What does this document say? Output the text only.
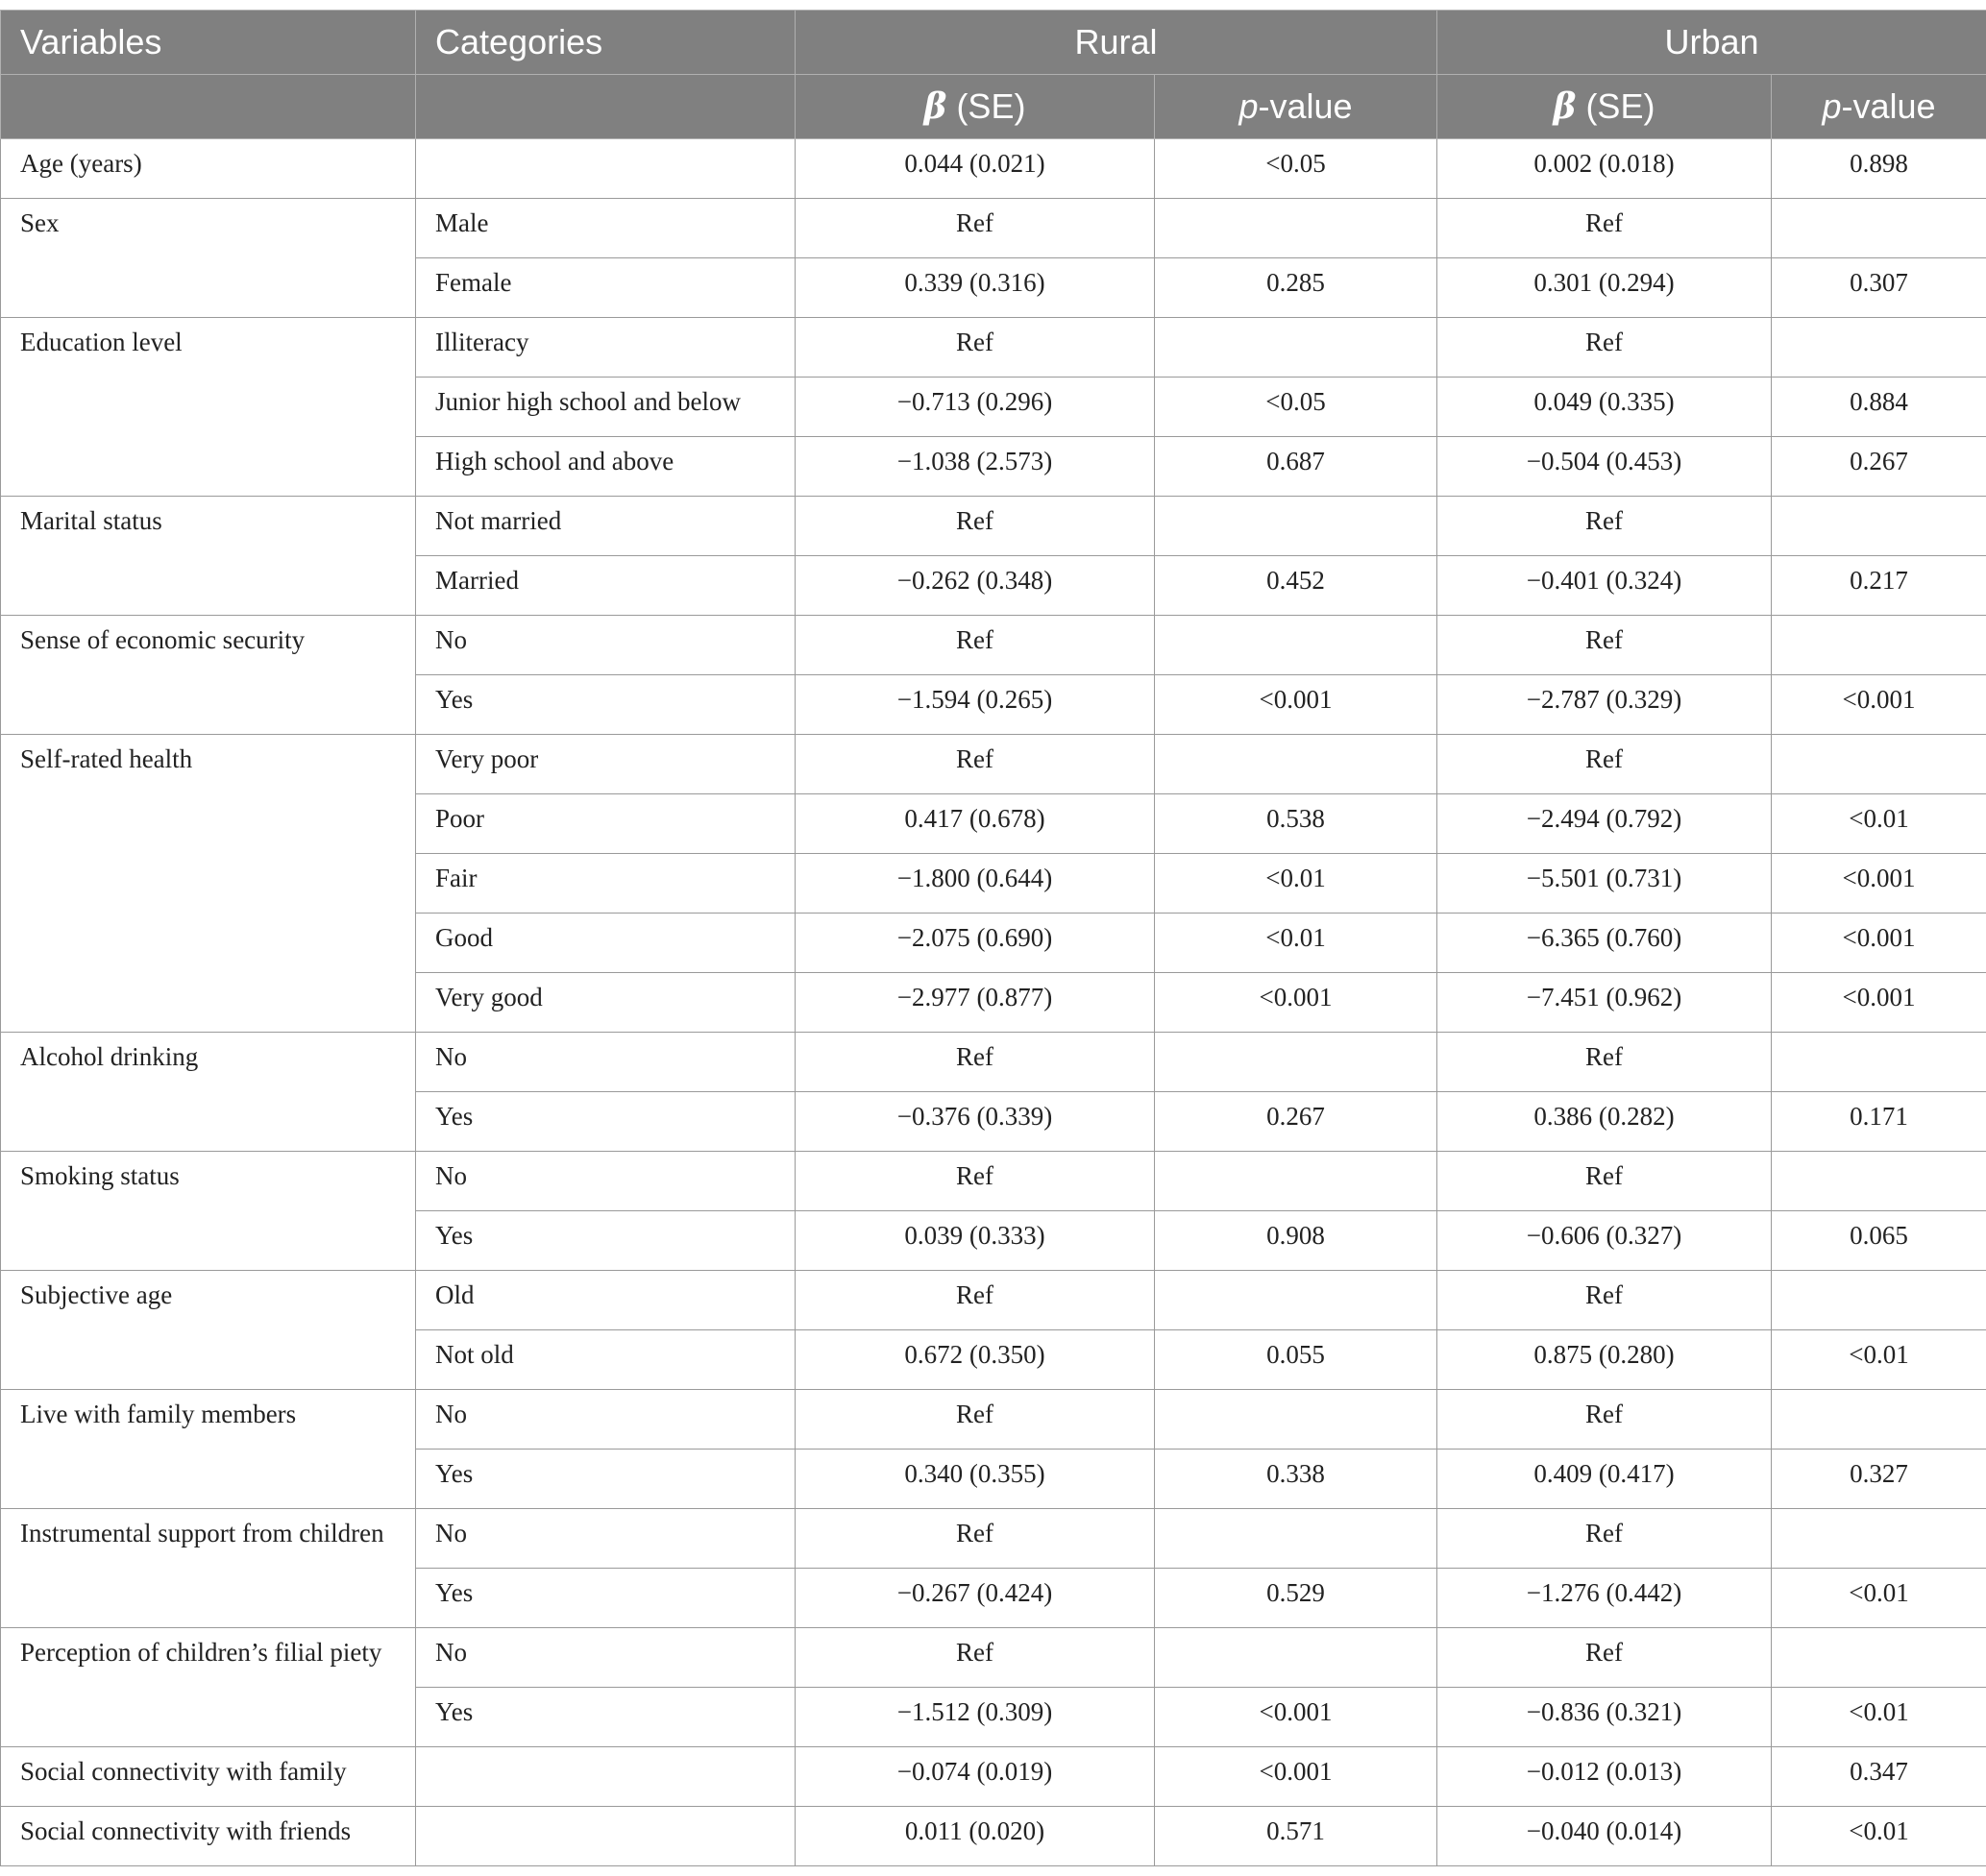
Variables	Categories	Rural		Urban	
		β (SE)	p-value	β (SE)	p-value
Age (years)		0.044 (0.021)	<0.05	0.002 (0.018)	0.898
Sex	Male	Ref		Ref	
	Female	0.339 (0.316)	0.285	0.301 (0.294)	0.307
Education level	Illiteracy	Ref		Ref	
	Junior high school and below	−0.713 (0.296)	<0.05	0.049 (0.335)	0.884
	High school and above	−1.038 (2.573)	0.687	−0.504 (0.453)	0.267
Marital status	Not married	Ref		Ref	
	Married	−0.262 (0.348)	0.452	−0.401 (0.324)	0.217
Sense of economic security	No	Ref		Ref	
	Yes	−1.594 (0.265)	<0.001	−2.787 (0.329)	<0.001
Self-rated health	Very poor	Ref		Ref	
	Poor	0.417 (0.678)	0.538	−2.494 (0.792)	<0.01
	Fair	−1.800 (0.644)	<0.01	−5.501 (0.731)	<0.001
	Good	−2.075 (0.690)	<0.01	−6.365 (0.760)	<0.001
	Very good	−2.977 (0.877)	<0.001	−7.451 (0.962)	<0.001
Alcohol drinking	No	Ref		Ref	
	Yes	−0.376 (0.339)	0.267	0.386 (0.282)	0.171
Smoking status	No	Ref		Ref	
	Yes	0.039 (0.333)	0.908	−0.606 (0.327)	0.065
Subjective age	Old	Ref		Ref	
	Not old	0.672 (0.350)	0.055	0.875 (0.280)	<0.01
Live with family members	No	Ref		Ref	
	Yes	0.340 (0.355)	0.338	0.409 (0.417)	0.327
Instrumental support from children	No	Ref		Ref	
	Yes	−0.267 (0.424)	0.529	−1.276 (0.442)	<0.01
Perception of children’s filial piety	No	Ref		Ref	
	Yes	−1.512 (0.309)	<0.001	−0.836 (0.321)	<0.01
Social connectivity with family		−0.074 (0.019)	<0.001	−0.012 (0.013)	0.347
Social connectivity with friends		0.011 (0.020)	0.571	−0.040 (0.014)	<0.01
